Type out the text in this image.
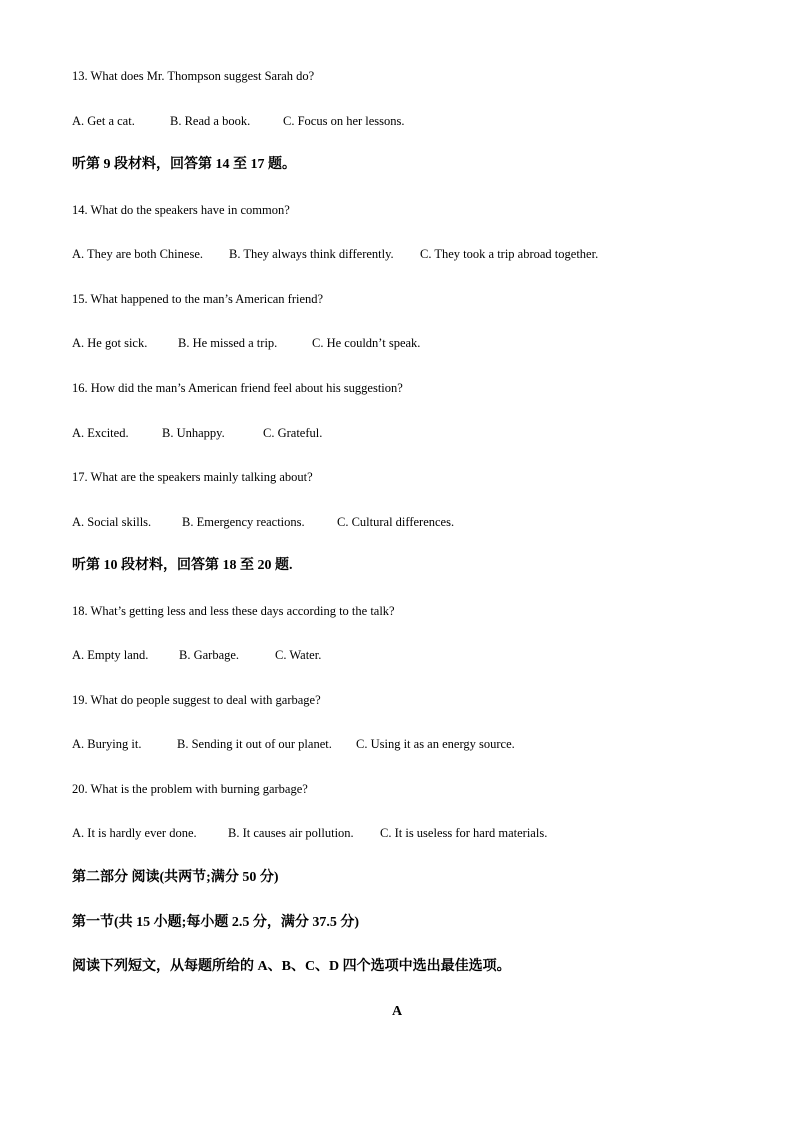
13. What does Mr. Thompson suggest Sarah do?
A. Get a cat.	B. Read a book.	C. Focus on her lessons.
听第 9 段材料，回答第 14 至 17 题。
14. What do the speakers have in common?
A. They are both Chinese. B. They always think differently. C. They took a trip abroad together.
15. What happened to the man’s American friend?
A. He got sick. B. He missed a trip.	C. He couldn’t speak.
16. How did the man’s American friend feel about his suggestion?
A. Excited.	B. Unhappy.	C. Grateful.
17. What are the speakers mainly talking about?
A. Social skills. B. Emergency reactions.	C. Cultural differences.
听第 10 段材料，回答第 18 至 20 题.
18. What’s getting less and less these days according to the talk?
A. Empty land. B. Garbage.	C. Water.
19. What do people suggest to deal with garbage?
A. Burying it.	B. Sending it out of our planet. C. Using it as an energy source.
20. What is the problem with burning garbage?
A. It is hardly ever done.	B. It causes air pollution. C. It is useless for hard materials.
第二部分 阅读(共两节;满分 50 分)
第一节(共 15 小题;每小题 2.5 分，满分 37.5 分)
阅读下列短文，从每题所给的 A、B、C、D 四个选项中选出最佳选项。
A
